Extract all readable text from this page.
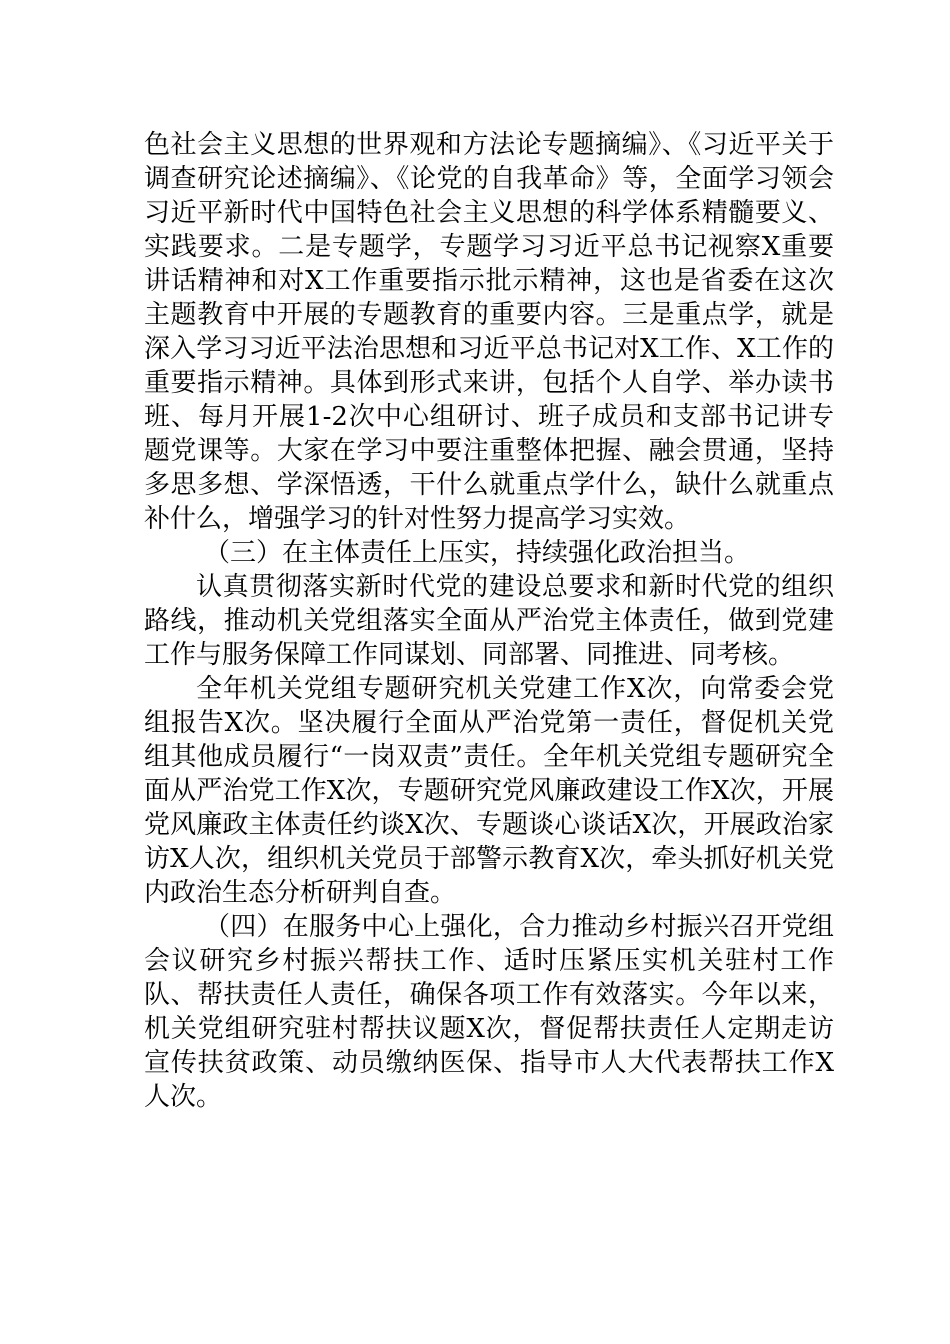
色社会主义思想的世界观和方法论专题摘编》、《习近平关于调查研究论述摘编》、《论党的自我革命》等，全面学习领会习近平新时代中国特色社会主义思想的科学体系精髓要义、实践要求。二是专题学，专题学习习近平总书记视察X重要讲话精神和对X工作重要指示批示精神，这也是省委在这次主题教育中开展的专题教育的重要内容。三是重点学，就是深入学习习近平法治思想和习近平总书记对X工作、X工作的重要指示精神。具体到形式来讲，包括个人自学、举办读书班、每月开展1-2次中心组研讨、班子成员和支部书记讲专题党课等。大家在学习中要注重整体把握、融会贯通，坚持多思多想、学深悟透，干什么就重点学什么，缺什么就重点补什么，增强学习的针对性努力提高学习实效。

（三）在主体责任上压实，持续强化政治担当。

认真贯彻落实新时代党的建设总要求和新时代党的组织路线，推动机关党组落实全面从严治党主体责任，做到党建工作与服务保障工作同谋划、同部署、同推进、同考核。

全年机关党组专题研究机关党建工作X次，向常委会党组报告X次。坚决履行全面从严治党第一责任，督促机关党组其他成员履行“一岗双责”责任。全年机关党组专题研究全面从严治党工作X次，专题研究党风廉政建设工作X次，开展党风廉政主体责任约谈X次、专题谈心谈话X次，开展政治家访X人次，组织机关党员于部警示教育X次，牵头抓好机关党内政治生态分析研判自查。

（四）在服务中心上强化，合力推动乡村振兴召开党组会议研究乡村振兴帮扶工作、适时压紧压实机关驻村工作队、帮扶责任人责任，确保各项工作有效落实。今年以来，机关党组研究驻村帮扶议题X次，督促帮扶责任人定期走访宣传扶贫政策、动员缴纳医保、指导市人大代表帮扶工作X人次。
